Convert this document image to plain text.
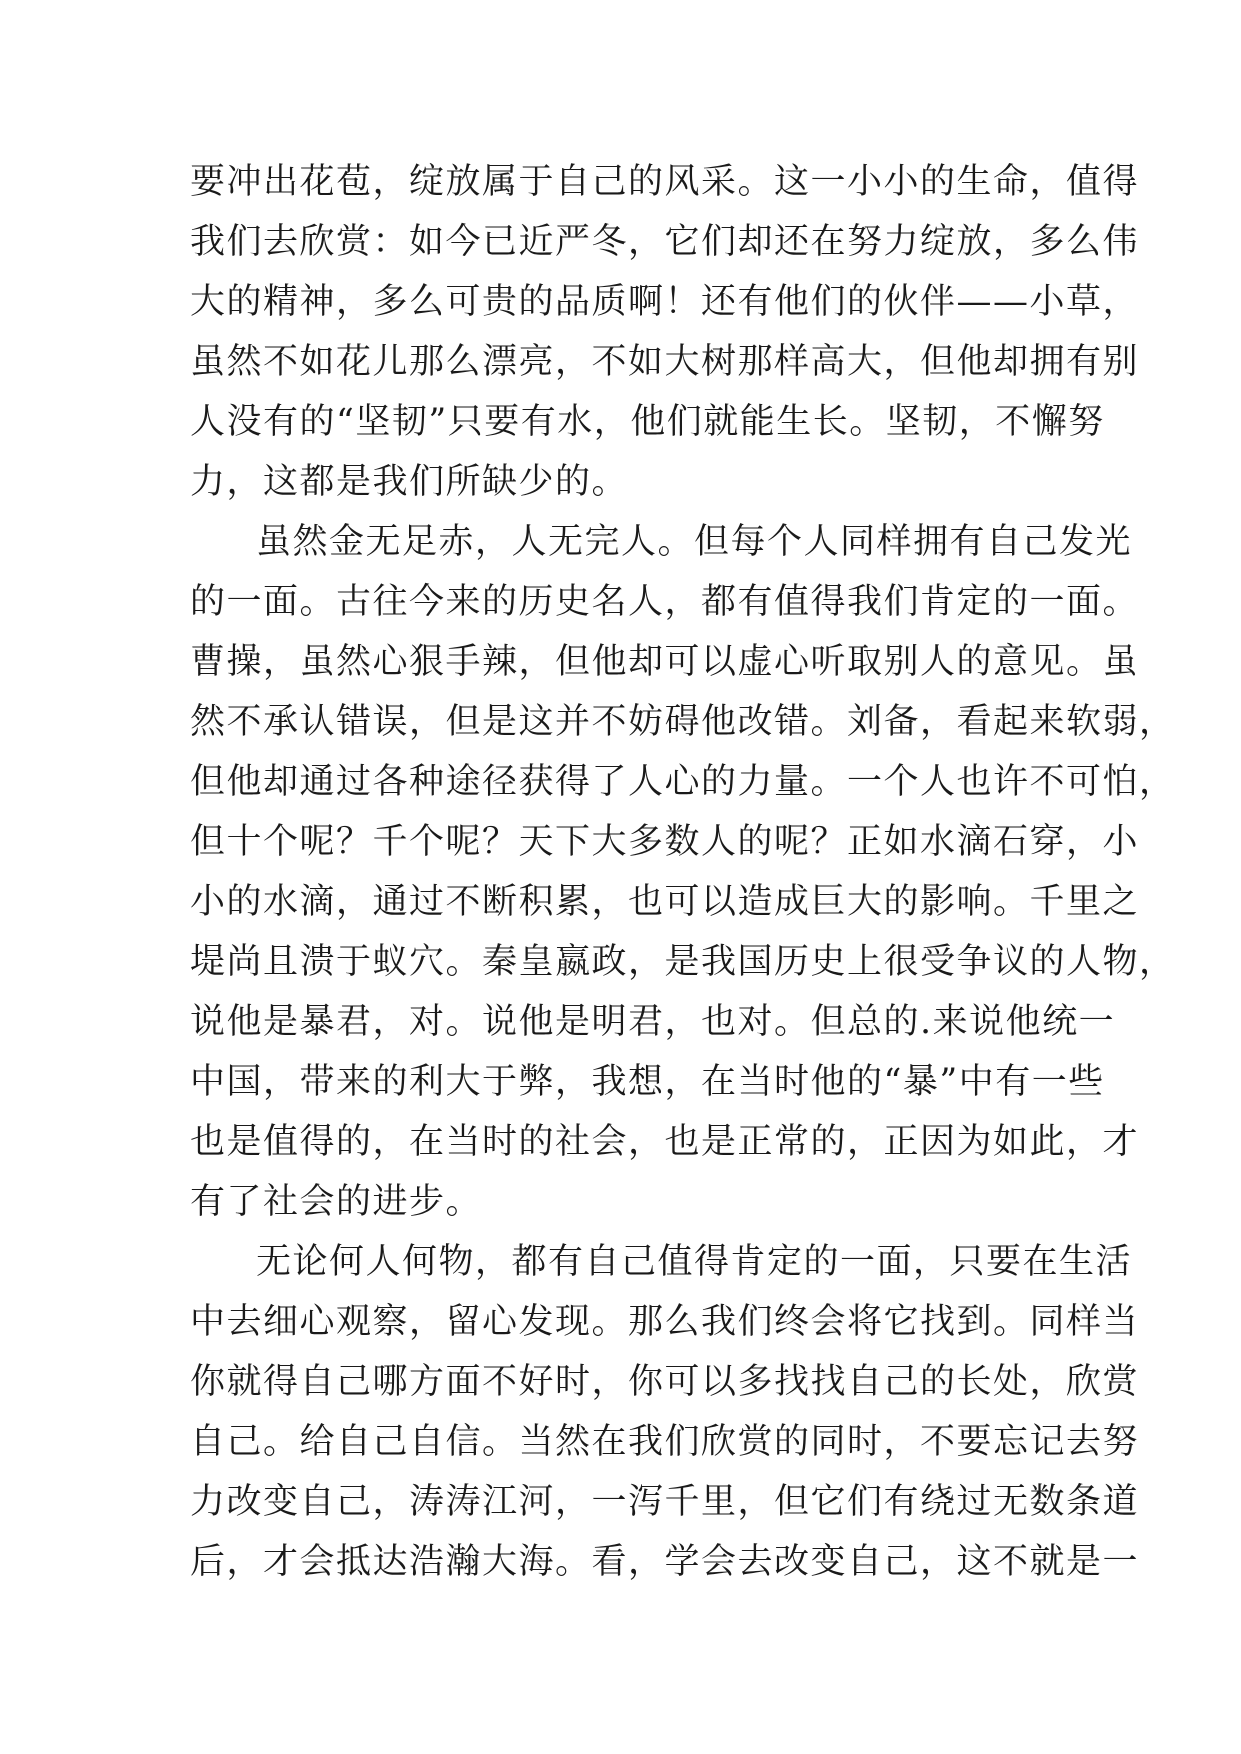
要冲出花苞，绽放属于自己的风采。这一小小的生命，值得
我们去欣赏：如今已近严冬，它们却还在努力绽放，多么伟
大的精神，多么可贵的品质啊！还有他们的伙伴——小草，
虽然不如花儿那么漂亮，不如大树那样高大，但他却拥有别
人没有的“坚韧”只要有水，他们就能生长。坚韧，不懈努
力，这都是我们所缺少的。
虽然金无足赤，人无完人。但每个人同样拥有自己发光
的一面。古往今来的历史名人，都有值得我们肯定的一面。
曹操，虽然心狠手辣，但他却可以虚心听取别人的意见。虽
然不承认错误，但是这并不妨碍他改错。刘备，看起来软弱，
但他却通过各种途径获得了人心的力量。一个人也许不可怕，
但十个呢？千个呢？天下大多数人的呢？正如水滴石穿，小
小的水滴，通过不断积累，也可以造成巨大的影响。千里之
堤尚且溃于蚁穴。秦皇嬴政，是我国历史上很受争议的人物，
说他是暴君，对。说他是明君，也对。但总的.来说他统一
中国，带来的利大于弊，我想，在当时他的“暴”中有一些
也是值得的，在当时的社会，也是正常的，正因为如此，才
有了社会的进步。
无论何人何物，都有自己值得肯定的一面，只要在生活
中去细心观察，留心发现。那么我们终会将它找到。同样当
你就得自己哪方面不好时，你可以多找找自己的长处，欣赏
自己。给自己自信。当然在我们欣赏的同时，不要忘记去努
力改变自己，涛涛江河，一泻千里，但它们有绕过无数条道
后，才会抵达浩瀚大海。看，学会去改变自己，这不就是一
